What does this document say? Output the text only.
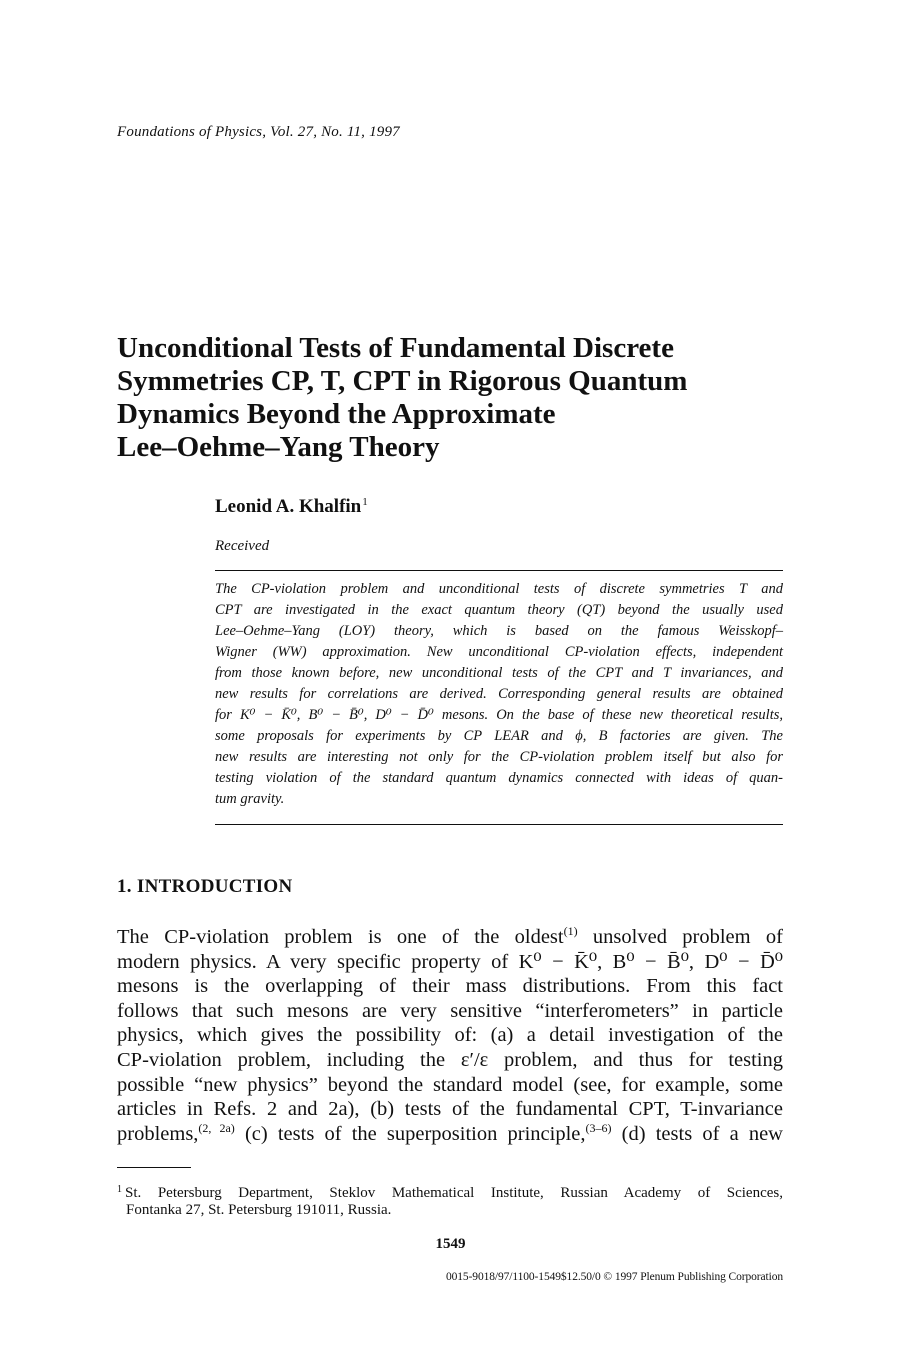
Foundations of Physics, Vol. 27, No. 11, 1997
Unconditional Tests of Fundamental Discrete
Symmetries CP, T, CPT in Rigorous Quantum
Dynamics Beyond the Approximate
Lee–Oehme–Yang Theory
Leonid A. Khalfin$^1$
Received
The CP-violation problem and unconditional tests of discrete symmetries T and
CPT are investigated in the exact quantum theory (QT) beyond the usually used
Lee–Oehme–Yang (LOY) theory, which is based on the famous Weisskopf–
Wigner (WW) approximation. New unconditional CP-violation effects, independent
from those known before, new unconditional tests of the CPT and T invariances, and
new results for correlations are derived. Corresponding general results are obtained
for K⁰ − K̄⁰, B⁰ − B̄⁰, D⁰ − D̄⁰ mesons. On the base of these new theoretical results,
some proposals for experiments by CP LEAR and ϕ, B factories are given. The
new results are interesting not only for the CP-violation problem itself but also for
testing violation of the standard quantum dynamics connected with ideas of quan-
tum gravity.
1. INTRODUCTION
The CP-violation problem is one of the oldest$^{(1)}$ unsolved problem of
modern physics. A very specific property of K⁰ − K̄⁰, B⁰ − B̄⁰, D⁰ − D̄⁰
mesons is the overlapping of their mass distributions. From this fact
follows that such mesons are very sensitive “interferometers” in particle
physics, which gives the possibility of: (a) a detail investigation of the
CP-violation problem, including the ε′/ε problem, and thus for testing
possible “new physics” beyond the standard model (see, for example, some
articles in Refs. 2 and 2a), (b) tests of the fundamental CPT, T-invariance
problems,$^{(2, 2a)}$ (c) tests of the superposition principle,$^{(3-6)}$ (d) tests of a new
$^1$ St. Petersburg Department, Steklov Mathematical Institute, Russian Academy of Sciences,
Fontanka 27, St. Petersburg 191011, Russia.
1549
0015-9018/97/1100-1549$12.50/0 © 1997 Plenum Publishing Corporation
